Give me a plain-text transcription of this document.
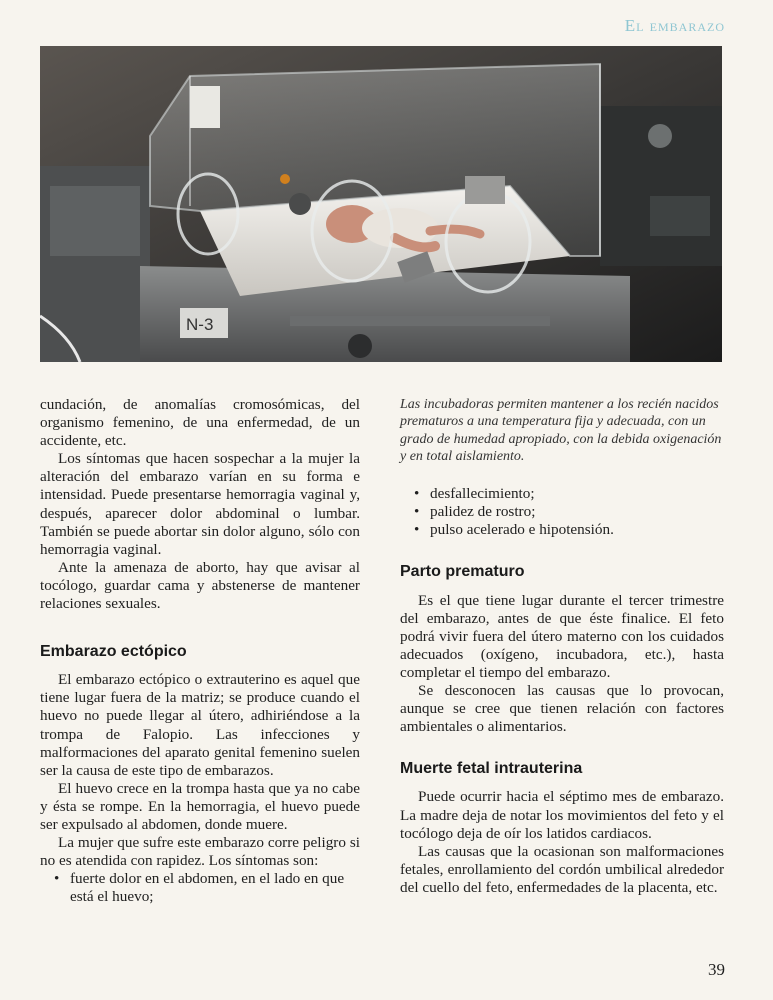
El embarazo
N-3

cundación, de anomalías cromosómicas, del organismo femenino, de una enfermedad, de un accidente, etc.

Los síntomas que hacen sospechar a la mujer la alteración del embarazo varían en su forma e intensidad. Puede presentarse hemorragia vaginal y, después, aparecer dolor abdominal o lumbar. También se puede abortar sin dolor alguno, sólo con hemorragia vaginal.

Ante la amenaza de aborto, hay que avisar al tocólogo, guardar cama y abstenerse de mantener relaciones sexuales.

Embarazo ectópico

El embarazo ectópico o extrauterino es aquel que tiene lugar fuera de la matriz; se produce cuando el huevo no puede llegar al útero, adhiriéndose a la trompa de Falopio. Las infecciones y malformaciones del aparato genital femenino suelen ser la causa de este tipo de embarazos.

El huevo crece en la trompa hasta que ya no cabe y ésta se rompe. En la hemorragia, el huevo puede ser expulsado al abdomen, donde muere.

La mujer que sufre este embarazo corre peligro si no es atendida con rapidez. Los síntomas son:

• fuerte dolor en el abdomen, en el lado en que está el huevo;

Las incubadoras permiten mantener a los recién nacidos prematuros a una temperatura fija y adecuada, con un grado de humedad apropiado, con la debida oxigenación y en total aislamiento.

• desfallecimiento;
• palidez de rostro;
• pulso acelerado e hipotensión.
Parto prematuro

Es el que tiene lugar durante el tercer trimestre del embarazo, antes de que éste finalice. El feto podrá vivir fuera del útero materno con los cuidados adecuados (oxígeno, incubadora, etc.), hasta completar el tiempo del embarazo.

Se desconocen las causas que lo provocan, aunque se cree que tienen relación con factores ambientales o alimentarios.

Muerte fetal intrauterina

Puede ocurrir hacia el séptimo mes de embarazo. La madre deja de notar los movimientos del feto y el tocólogo deja de oír los latidos cardiacos.

Las causas que la ocasionan son malformaciones fetales, enrollamiento del cordón umbilical alrededor del cuello del feto, enfermedades de la placenta, etc.

39
